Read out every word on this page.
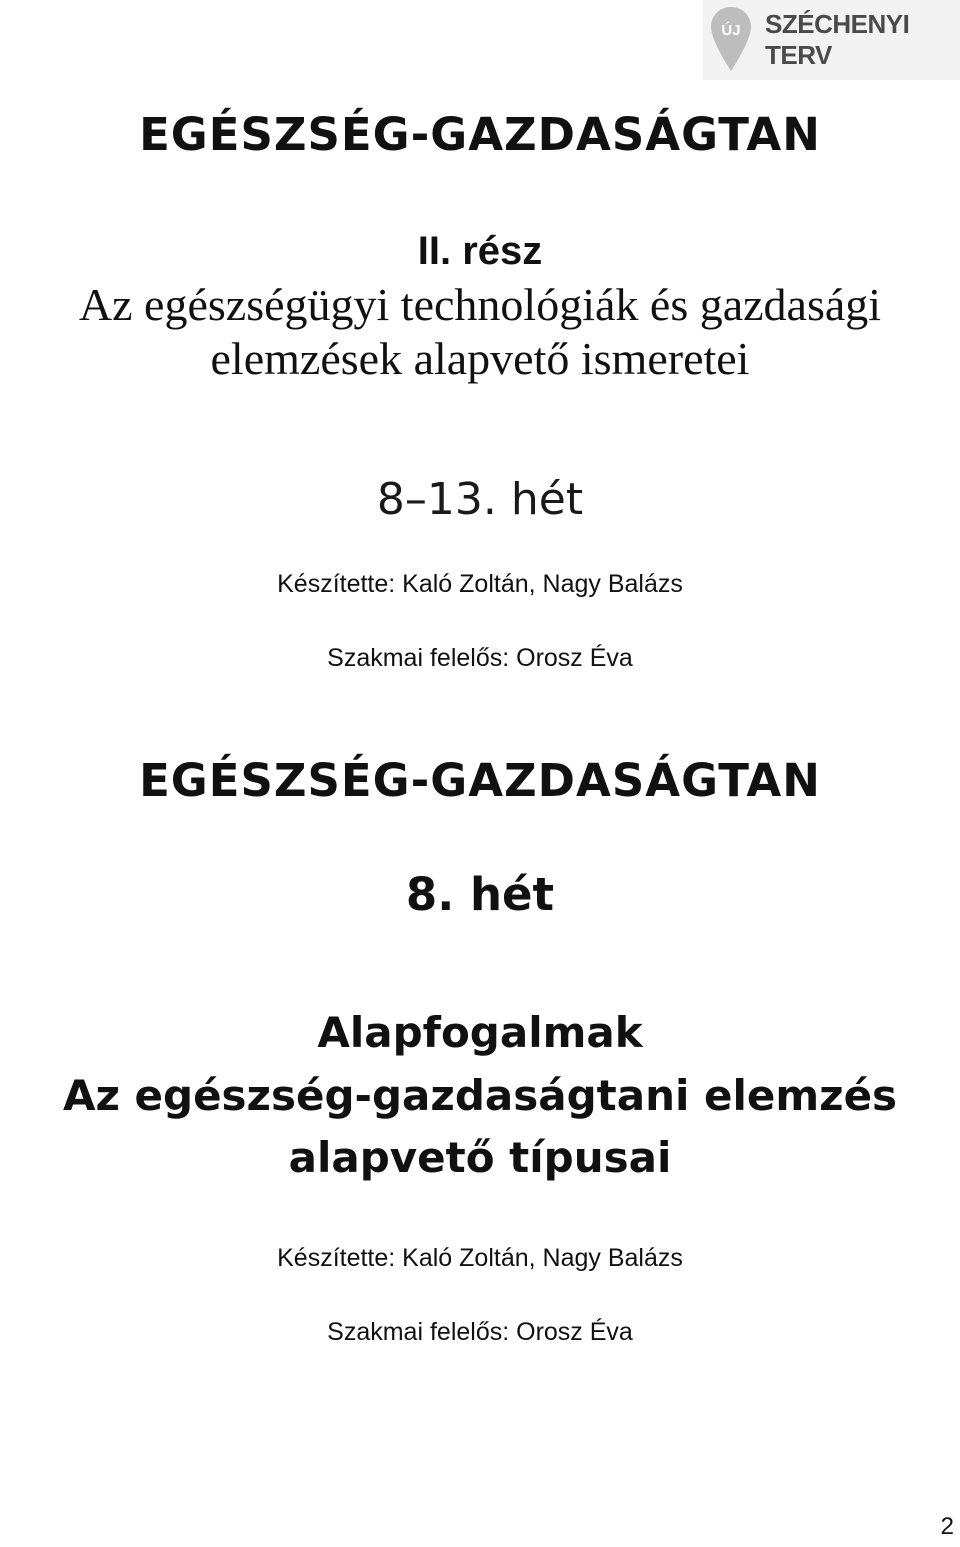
ÚJ SZÉCHENYI TERV
EGÉSZSÉG-GAZDASÁGTAN
II. rész
Az egészségügyi technológiák és gazdasági
elemzések alapvető ismeretei
8–13. hét
Készítette: Kaló Zoltán, Nagy Balázs
Szakmai felelős: Orosz Éva
EGÉSZSÉG-GAZDASÁGTAN
8. hét
Alapfogalmak
Az egészség-gazdaságtani elemzés
alapvető típusai
Készítette: Kaló Zoltán, Nagy Balázs
Szakmai felelős: Orosz Éva
2
